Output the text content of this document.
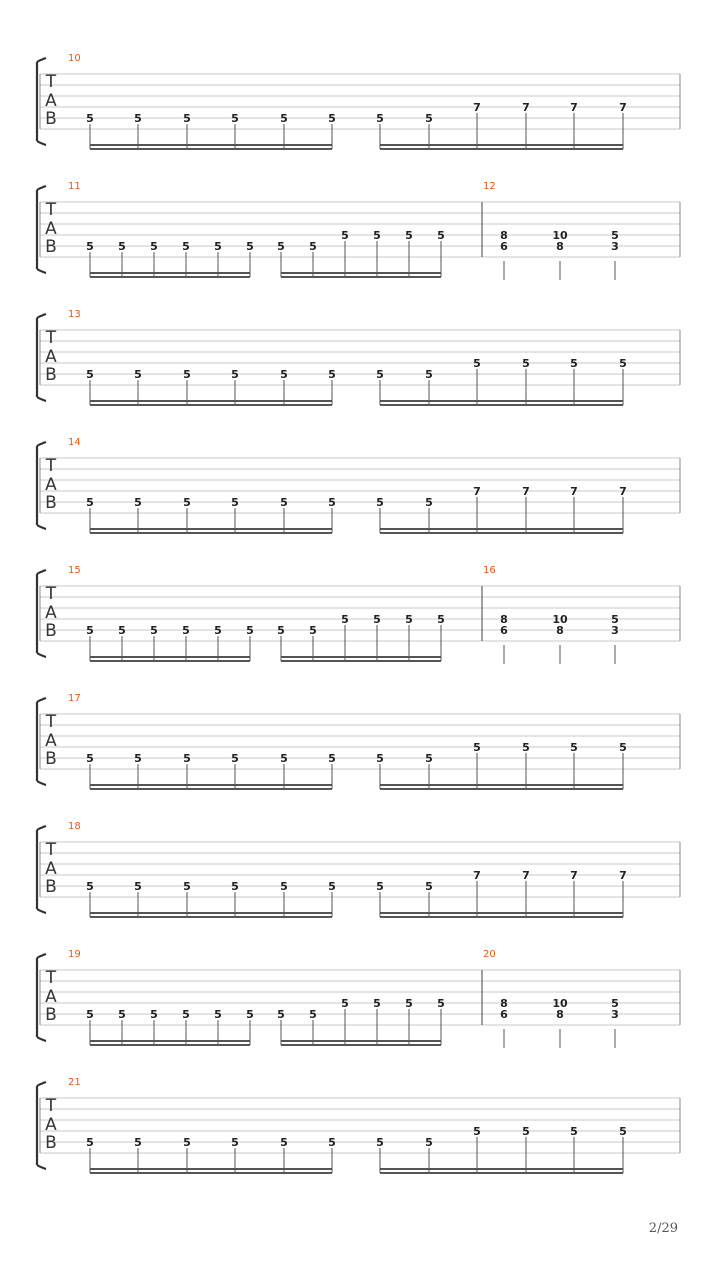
T
A
B
10
5	5	5	5	5	5	5	5
7	7	7	7
T
A
B
11
5 5 5 5 5 5 5 5
5 5 5 5
12
8
6
10
8
5
3
T
A
B
13
5	5	5	5	5	5	5	5
5	5	5	5
T
A
B
14
5	5	5	5	5	5	5	5
7	7	7	7
T
A
B
15
5 5 5 5 5 5 5 5
5 5 5 5
16
8
6
10
8
5
3
T
A
B
17
5	5	5	5	5	5	5	5
5	5	5	5
T
A
B
18
5	5	5	5	5	5	5	5
7	7	7	7
T
A
B
19
5 5 5 5 5 5 5 5
5 5 5 5
20
8
6
10
8
5
3
T
A
B
21
5	5	5	5	5	5	5	5
5	5	5	5
2/29
